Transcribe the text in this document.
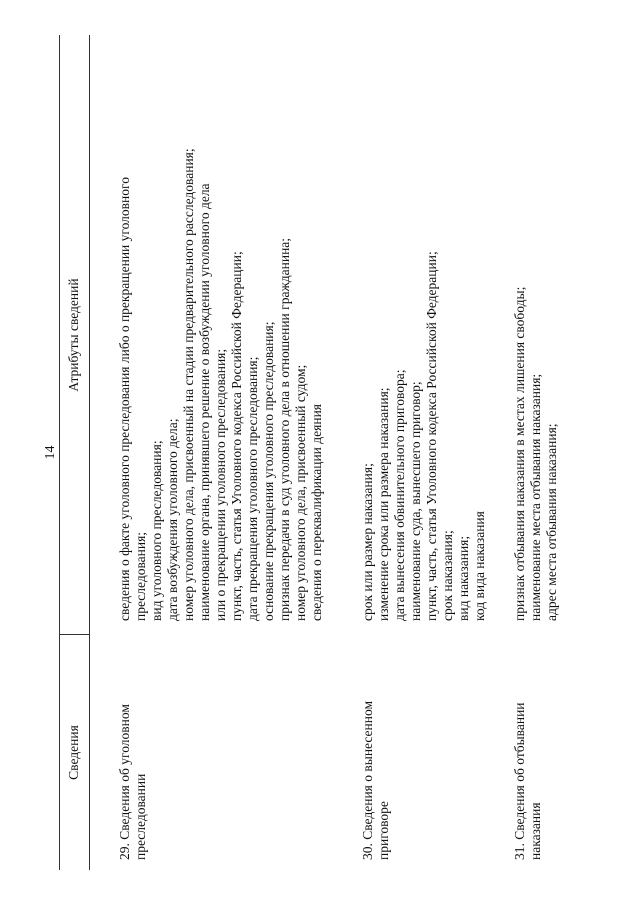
14
Сведения
Атрибуты сведений
29. Сведения об уголовном преследовании
сведения о факте уголовного преследования либо о прекращении уголовного преследования; вид уголовного преследования; дата возбуждения уголовного дела; номер уголовного дела, присвоенный на стадии предварительного расследования; наименование органа, принявшего решение о возбуждении уголовного дела или о прекращении уголовного преследования; пункт, часть, статья Уголовного кодекса Российской Федерации; дата прекращения уголовного преследования; основание прекращения уголовного преследования; признак передачи в суд уголовного дела в отношении гражданина; номер уголовного дела, присвоенный судом; сведения о переквалификации деяния
30. Сведения о вынесенном приговоре
срок или размер наказания; изменение срока или размера наказания; дата вынесения обвинительного приговора; наименование суда, вынесшего приговор; пункт, часть, статья Уголовного кодекса Российской Федерации; срок наказания; вид наказания; код вида наказания
31. Сведения об отбывании наказания
признак отбывания наказания в местах лишения свободы; наименование места отбывания наказания; адрес места отбывания наказания;
